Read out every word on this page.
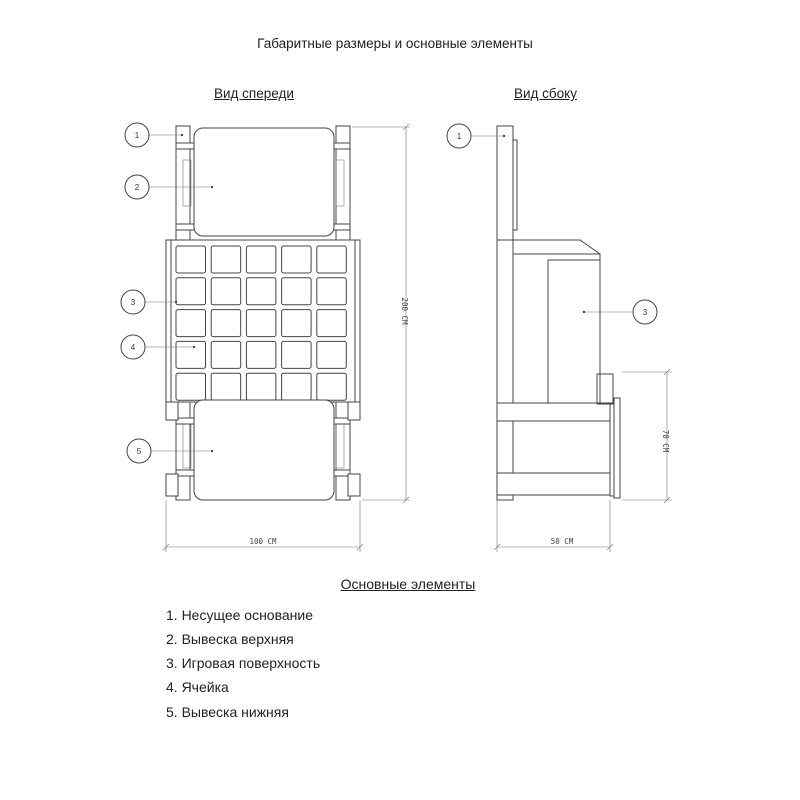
Габаритные размеры и основные элементы
Вид спереди	Вид сбоку
1
2
3
4
5
200 СМ
100 СМ
1
3
70 СМ
50 СМ
Основные элементы
1. Несущее основание
2. Вывеска верхняя
3. Игровая поверхность
4. Ячейка
5. Вывеска нижняя
